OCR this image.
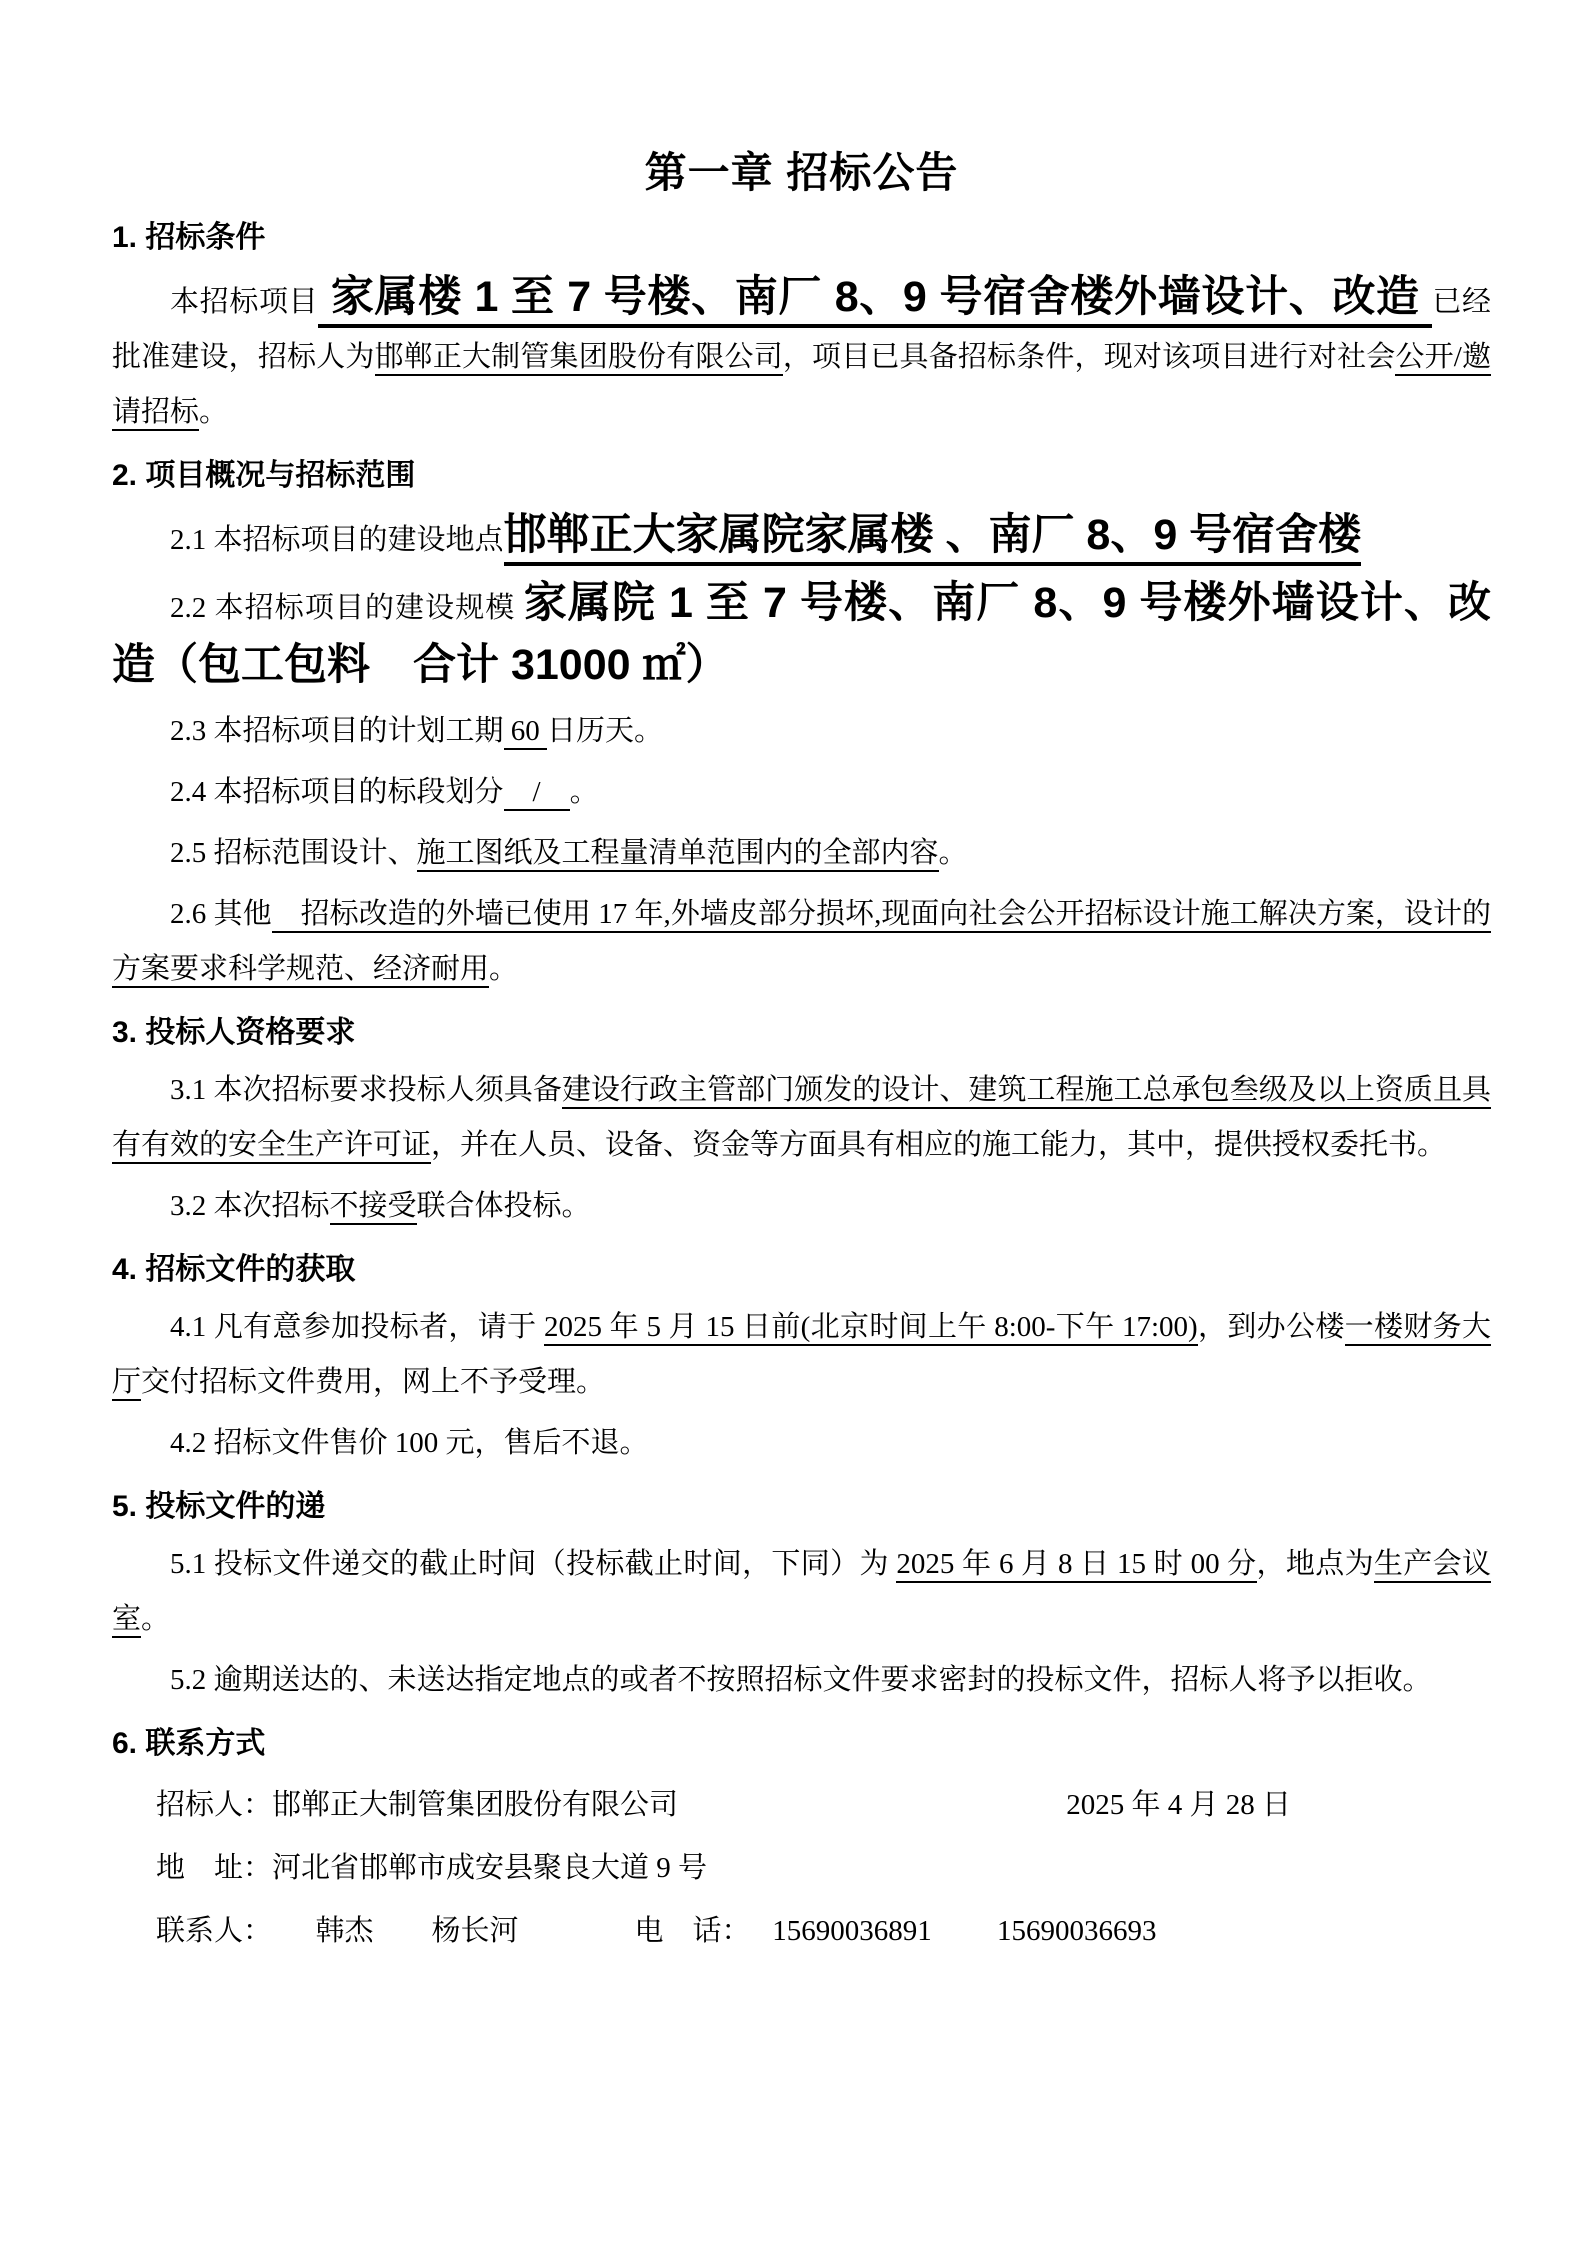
第一章 招标公告
1. 招标条件

本招标项目 家属楼 1 至 7 号楼、南厂 8、9 号宿舍楼外墙设计、改造 已经批准建设，招标人为邯郸正大制管集团股份有限公司，项目已具备招标条件，现对该项目进行对社会公开/邀请招标。

2. 项目概况与招标范围

2.1 本招标项目的建设地点邯郸正大家属院家属楼 、南厂 8、9 号宿舍楼

2.2 本招标项目的建设规模 家属院 1 至 7 号楼、南厂 8、9 号楼外墙设计、改造（包工包料　合计 31000 ㎡）

2.3 本招标项目的计划工期 60 日历天。

2.4 本招标项目的标段划分　/　。

2.5 招标范围设计、施工图纸及工程量清单范围内的全部内容。

2.6 其他　招标改造的外墙已使用 17 年,外墙皮部分损坏,现面向社会公开招标设计施工解决方案，设计的方案要求科学规范、经济耐用。

3. 投标人资格要求

3.1 本次招标要求投标人须具备建设行政主管部门颁发的设计、建筑工程施工总承包叁级及以上资质且具有有效的安全生产许可证，并在人员、设备、资金等方面具有相应的施工能力，其中，提供授权委托书。

3.2 本次招标不接受联合体投标。

4. 招标文件的获取

4.1 凡有意参加投标者，请于 2025 年 5 月 15 日前(北京时间上午 8:00-下午 17:00)，到办公楼一楼财务大厅交付招标文件费用，网上不予受理。

4.2 招标文件售价 100 元，售后不退。

5. 投标文件的递

5.1 投标文件递交的截止时间（投标截止时间，下同）为 2025 年 6 月 8 日 15 时 00 分，地点为生产会议室。

5.2 逾期送达的、未送达指定地点的或者不按照招标文件要求密封的投标文件，招标人将予以拒收。

6. 联系方式
招标人：邯郸正大制管集团股份有限公司	2025 年 4 月 28 日

地　址：河北省邯郸市成安县聚良大道 9 号

联系人：　　韩杰　　杨长河　　　　电　话：　 15690036891　　 15690036693
